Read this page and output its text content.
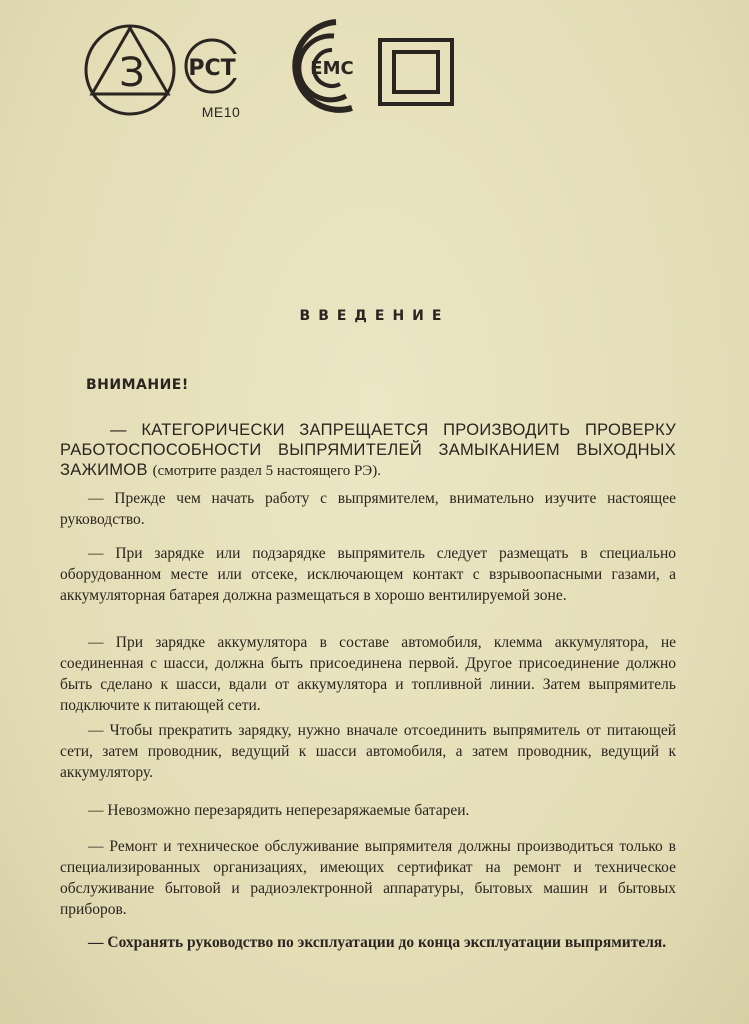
З РСТ
МЕ10
ЕМС
ВВЕДЕНИЕ
ВНИМАНИЕ!
— КАТЕГОРИЧЕСКИ ЗАПРЕЩАЕТСЯ ПРОИЗВОДИТЬ ПРОВЕРКУ РАБОТОСПОСОБНОСТИ ВЫПРЯМИТЕЛЕЙ ЗАМЫКАНИЕМ ВЫХОДНЫХ ЗАЖИМОВ (смотрите раздел 5 настоящего РЭ).
— Прежде чем начать работу с выпрямителем, внимательно изучите настоящее руководство.
— При зарядке или подзарядке выпрямитель следует размещать в специально оборудованном месте или отсеке, исключающем контакт с взрывоопасными газами, а аккумуляторная батарея должна размещаться в хорошо вентилируемой зоне.
— При зарядке аккумулятора в составе автомобиля, клемма аккумулятора, не соединенная с шасси, должна быть присоединена первой. Другое присоединение должно быть сделано к шасси, вдали от аккумулятора и топливной линии. Затем выпрямитель подключите к питающей сети.
— Чтобы прекратить зарядку, нужно вначале отсоединить выпрямитель от питающей сети, затем проводник, ведущий к шасси автомобиля, а затем проводник, ведущий к аккумулятору.
— Невозможно перезарядить неперезаряжаемые батареи.
— Ремонт и техническое обслуживание выпрямителя должны производиться только в специализированных организациях, имеющих сертификат на ремонт и техническое обслуживание бытовой и радиоэлектронной аппаратуры, бытовых машин и бытовых приборов.
— Сохранять руководство по эксплуатации до конца эксплуатации выпрямителя.
